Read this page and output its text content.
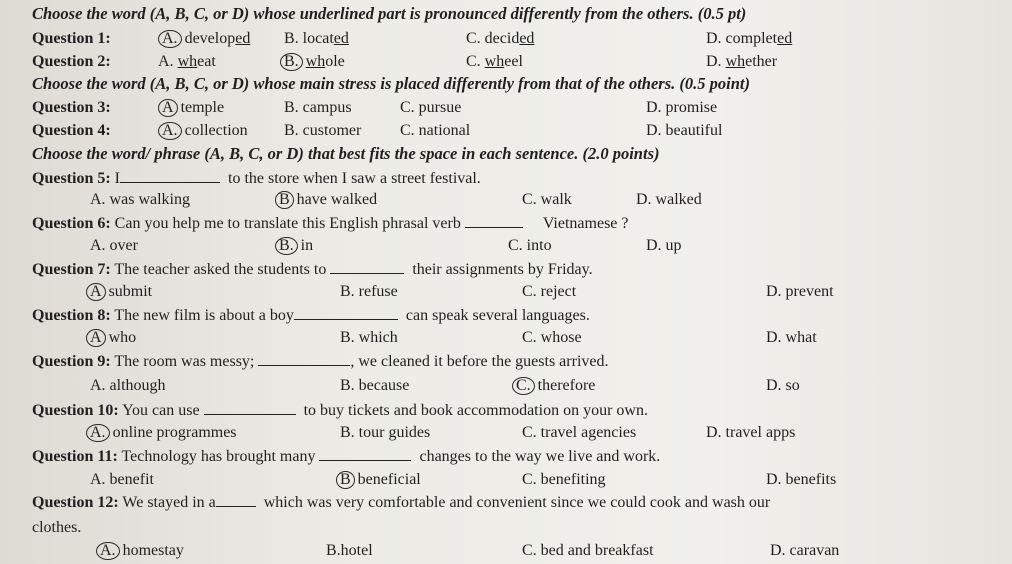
Choose the word (A, B, C, or D) whose underlined part is pronounced differently from the others. (0.5 pt)
Question 1:	A. developed B. located	C. decided	D. completed
Question 2:	A. wheat	B. whole	C. wheel	D. whether
Choose the word (A, B, C, or D) whose main stress is placed differently from that of the others. (0.5 point)
Question 3:	A temple	B. campus	C. pursue	D. promise
Question 4:	A. collection B. customer C. national	D. beautiful
Choose the word/ phrase (A, B, C, or D) that best fits the space in each sentence. (2.0 points)
Question 5: I	to the store when I saw a street festival.
A. was walking	B have walked	C. walk	D. walked
Question 6: Can you help me to translate this English phrasal verb	Vietnamese ?
A. over	B. in	C. into	D. up
Question 7: The teacher asked the students to	their assignments by Friday.
A submit	B. refuse	C. reject	D. prevent
Question 8: The new film is about a boy	can speak several languages.
A who	B. which	C. whose	D. what
Question 9: The room was messy;	, we cleaned it before the guests arrived.
A. although	B. because	C. therefore	D. so
Question 10: You can use	to buy tickets and book accommodation on your own.
A. online programmes	B. tour guides	C. travel agencies	D. travel apps
Question 11: Technology has brought many	changes to the way we live and work.
A. benefit	B beneficial	C. benefiting	D. benefits
Question 12: We stayed in a	which was very comfortable and convenient since we could cook and wash our
clothes.
A. homestay	B.hotel	C. bed and breakfast	D. caravan
